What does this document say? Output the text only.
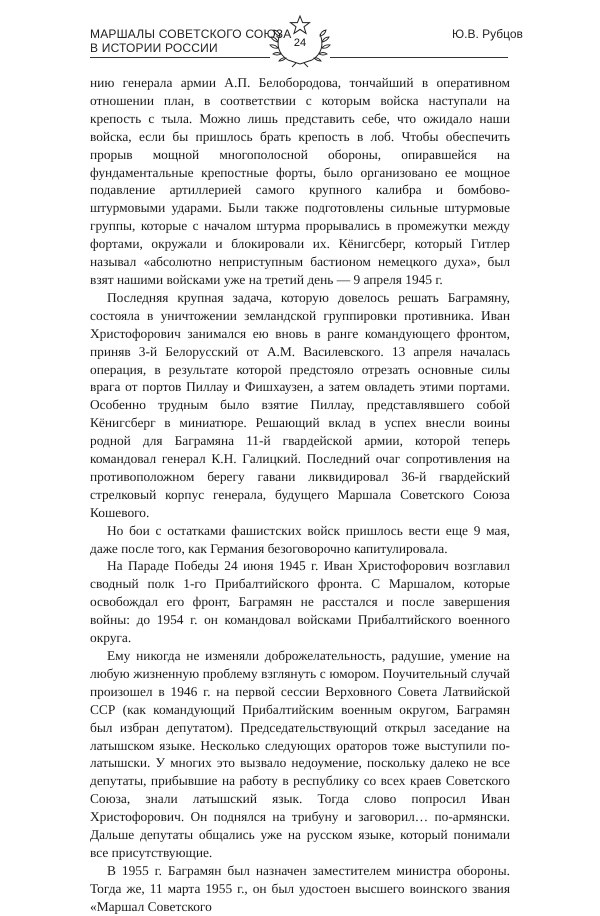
МАРШАЛЫ СОВЕТСКОГО СОЮЗА
В ИСТОРИИ РОССИИ	24
Ю.В. Рубцов

нию генерала армии А.П. Белобородова, тончайший в оперативном отношении план, в соответствии с которым войска наступали на крепость с тыла. Можно лишь представить себе, что ожидало наши войска, если бы пришлось брать крепость в лоб. Чтобы обеспечить прорыв мощной многополосной обороны, опиравшейся на фундаментальные крепостные форты, было организовано ее мощное подавление артиллерией самого крупного калибра и бомбово-штурмовыми ударами. Были также подготовлены сильные штурмовые группы, которые с началом штурма прорывались в промежутки между фортами, окружали и блокировали их. Кёнигсберг, который Гитлер называл «абсолютно неприступным бастионом немецкого духа», был взят нашими войсками уже на третий день — 9 апреля 1945 г.

Последняя крупная задача, которую довелось решать Баграмяну, состояла в уничтожении земландской группировки противника. Иван Христофорович занимался ею вновь в ранге командующего фронтом, приняв 3-й Белорусский от А.М. Василевского. 13 апреля началась операция, в результате которой предстояло отрезать основные силы врага от портов Пиллау и Фишхаузен, а затем овладеть этими портами. Особенно трудным было взятие Пиллау, представлявшего собой Кёнигсберг в миниатюре. Решающий вклад в успех внесли воины родной для Баграмяна 11-й гвардейской армии, которой теперь командовал генерал К.Н. Галицкий. Последний очаг сопротивления на противоположном берегу гавани ликвидировал 36-й гвардейский стрелковый корпус генерала, будущего Маршала Советского Союза Кошевого.

Но бои с остатками фашистских войск пришлось вести еще 9 мая, даже после того, как Германия безоговорочно капитулировала.

На Параде Победы 24 июня 1945 г. Иван Христофорович возглавил сводный полк 1-го Прибалтийского фронта. С Маршалом, которые освобождал его фронт, Баграмян не расстался и после завершения войны: до 1954 г. он командовал войсками Прибалтийского военного округа.

Ему никогда не изменяли доброжелательность, радушие, умение на любую жизненную проблему взглянуть с юмором. Поучительный случай произошел в 1946 г. на первой сессии Верховного Совета Латвийской ССР (как командующий Прибалтийским военным округом, Баграмян был избран депутатом). Председательствующий открыл заседание на латышском языке. Несколько следующих ораторов тоже выступили по-латышски. У многих это вызвало недоумение, поскольку далеко не все депутаты, прибывшие на работу в республику со всех краев Советского Союза, знали латышский язык. Тогда слово попросил Иван Христофорович. Он поднялся на трибуну и заговорил… по-армянски. Дальше депутаты общались уже на русском языке, который понимали все присутствующие.

В 1955 г. Баграмян был назначен заместителем министра обороны. Тогда же, 11 марта 1955 г., он был удостоен высшего воинского звания «Маршал Советского
